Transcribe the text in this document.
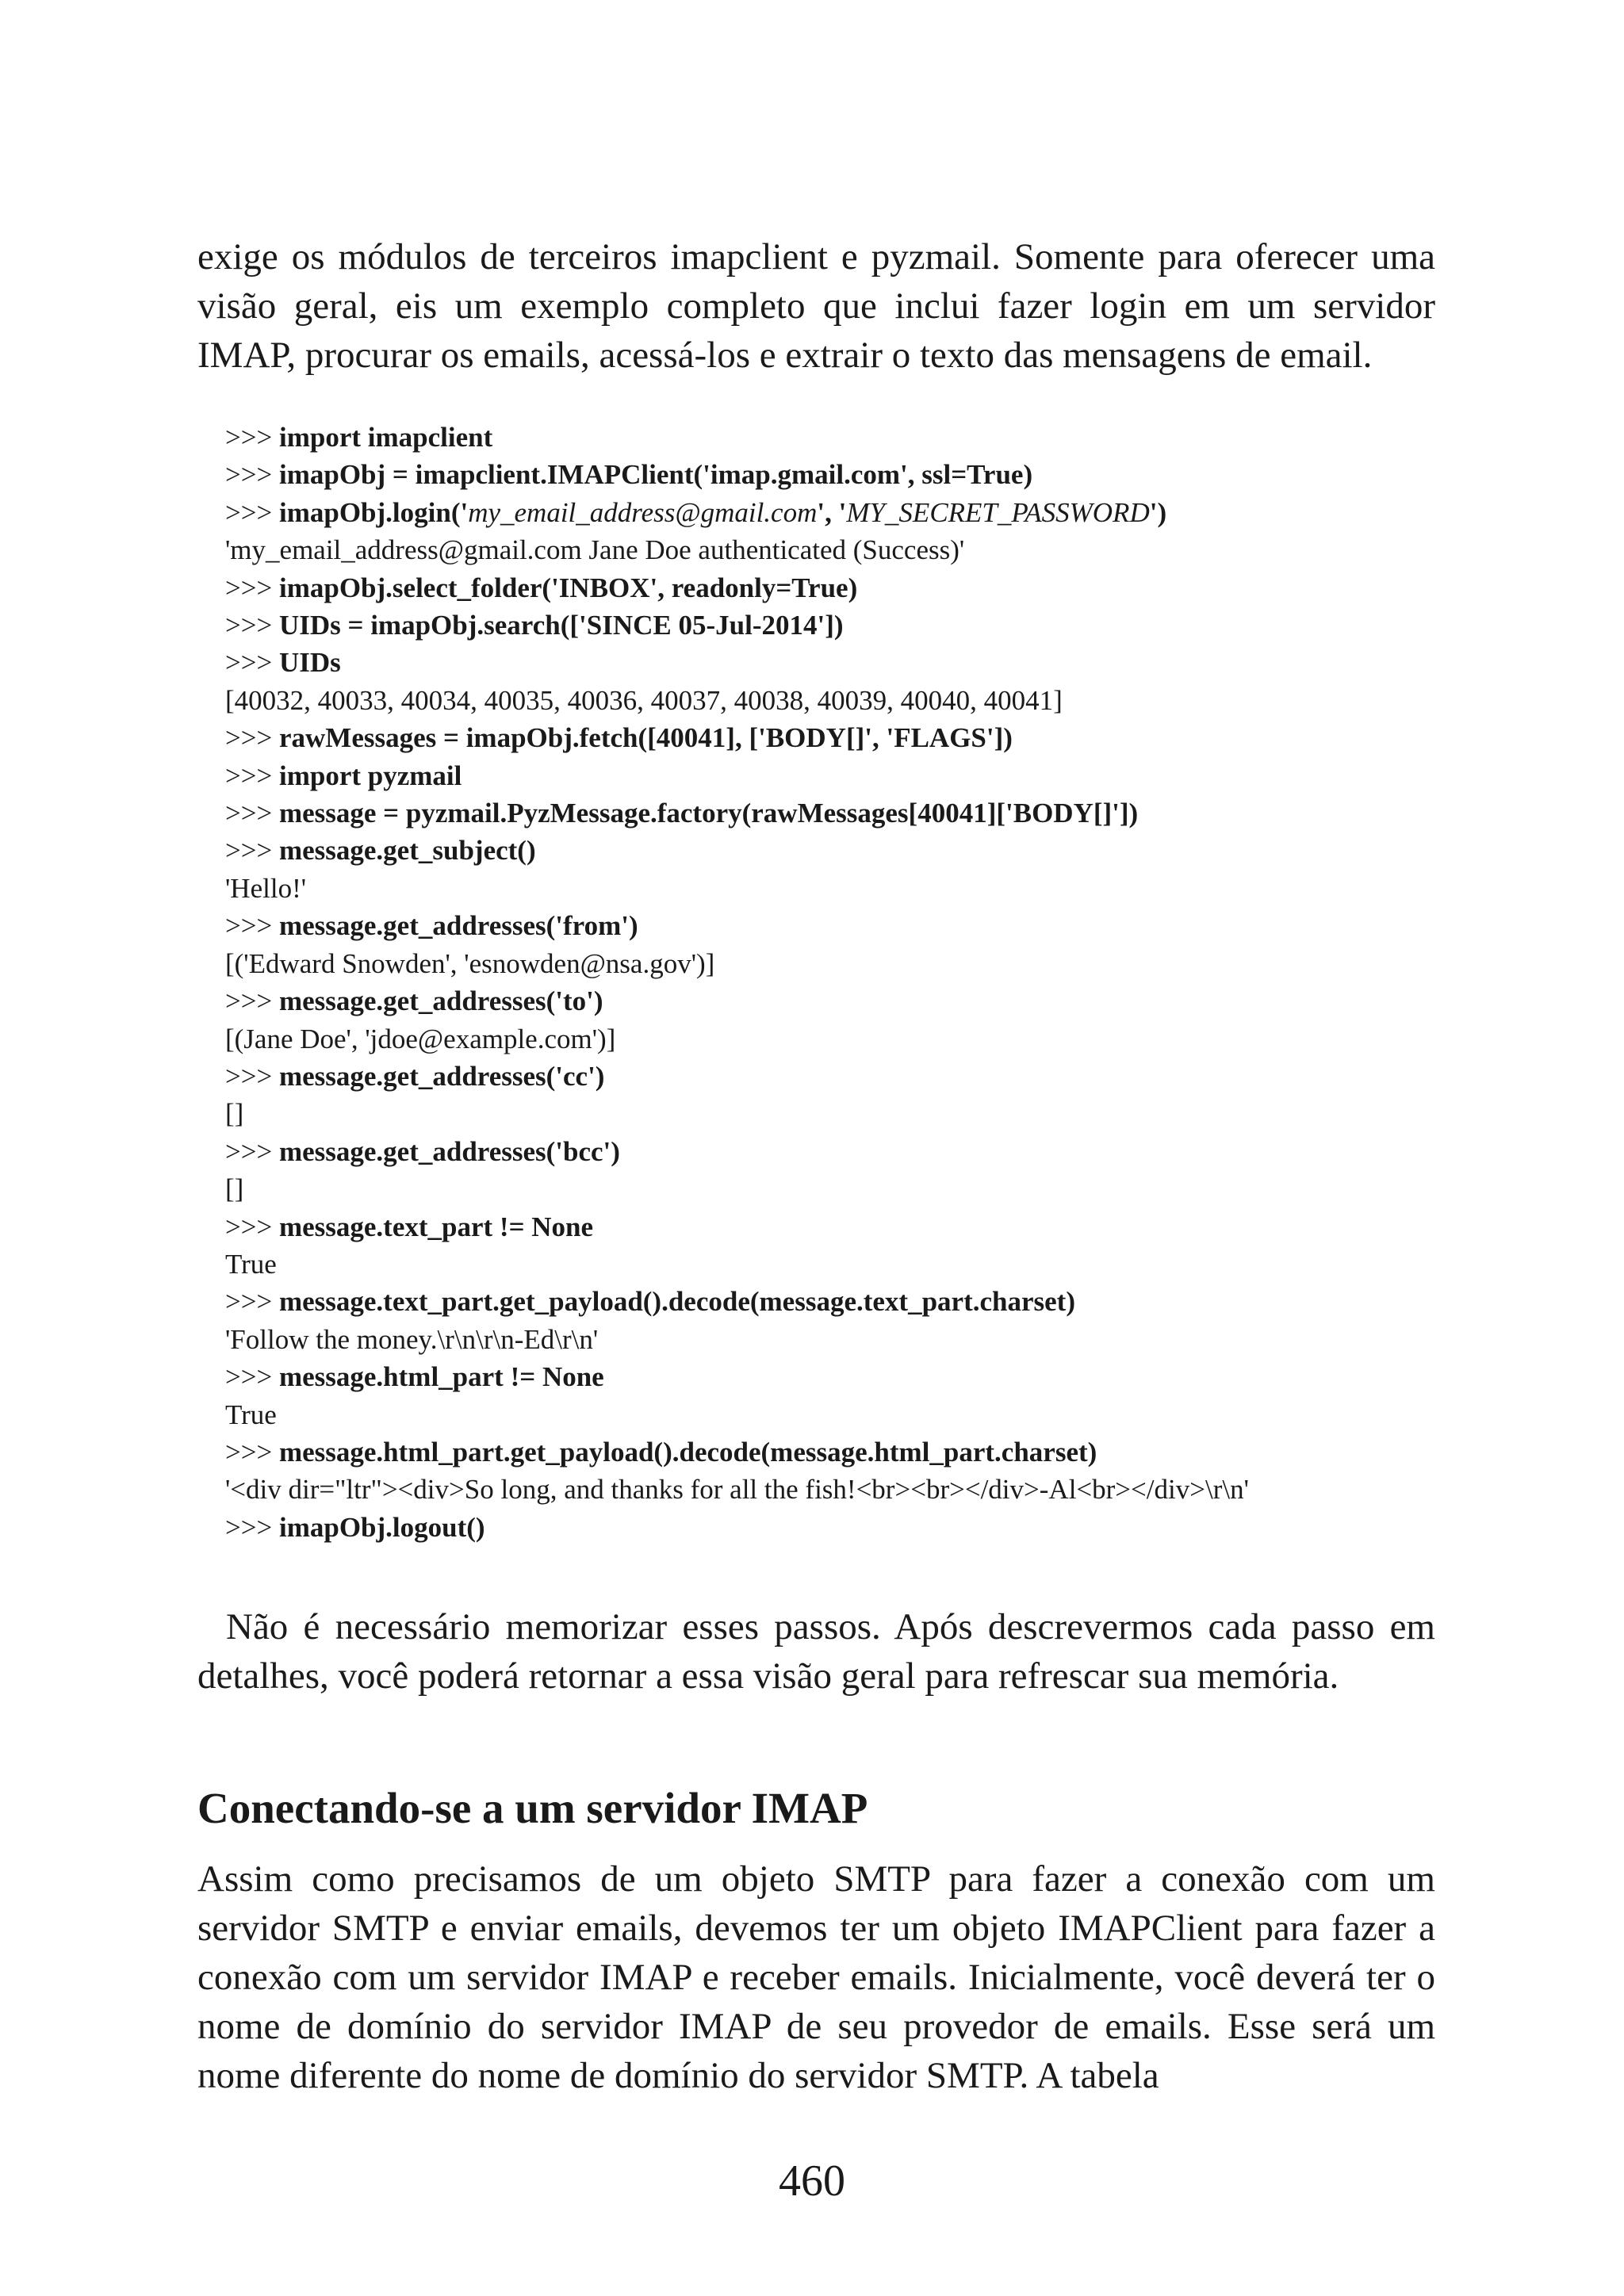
exige os módulos de terceiros imapclient e pyzmail. Somente para oferecer uma visão geral, eis um exemplo completo que inclui fazer login em um servidor IMAP, procurar os emails, acessá-los e extrair o texto das mensagens de email.

>>> import imapclient
>>> imapObj = imapclient.IMAPClient('imap.gmail.com', ssl=True)
>>> imapObj.login('my_email_address@gmail.com', 'MY_SECRET_PASSWORD')
'my_email_address@gmail.com Jane Doe authenticated (Success)'
>>> imapObj.select_folder('INBOX', readonly=True)
>>> UIDs = imapObj.search(['SINCE 05-Jul-2014'])
>>> UIDs
[40032, 40033, 40034, 40035, 40036, 40037, 40038, 40039, 40040, 40041]
>>> rawMessages = imapObj.fetch([40041], ['BODY[]', 'FLAGS'])
>>> import pyzmail
>>> message = pyzmail.PyzMessage.factory(rawMessages[40041]['BODY[]'])
>>> message.get_subject()
'Hello!'
>>> message.get_addresses('from')
[('Edward Snowden', 'esnowden@nsa.gov')]
>>> message.get_addresses('to')
[(Jane Doe', 'jdoe@example.com')]
>>> message.get_addresses('cc')
[]
>>> message.get_addresses('bcc')
[]
>>> message.text_part != None
True
>>> message.text_part.get_payload().decode(message.text_part.charset)
'Follow the money.\r\n\r\n-Ed\r\n'
>>> message.html_part != None
True
>>> message.html_part.get_payload().decode(message.html_part.charset)
'<div dir="ltr"><div>So long, and thanks for all the fish!<br><br></div>-Al<br></div>\r\n'
>>> imapObj.logout()

Não é necessário memorizar esses passos. Após descrevermos cada passo em detalhes, você poderá retornar a essa visão geral para refrescar sua memória.

Conectando-se a um servidor IMAP

Assim como precisamos de um objeto SMTP para fazer a conexão com um servidor SMTP e enviar emails, devemos ter um objeto IMAPClient para fazer a conexão com um servidor IMAP e receber emails. Inicialmente, você deverá ter o nome de domínio do servidor IMAP de seu provedor de emails. Esse será um nome diferente do nome de domínio do servidor SMTP. A tabela

460
